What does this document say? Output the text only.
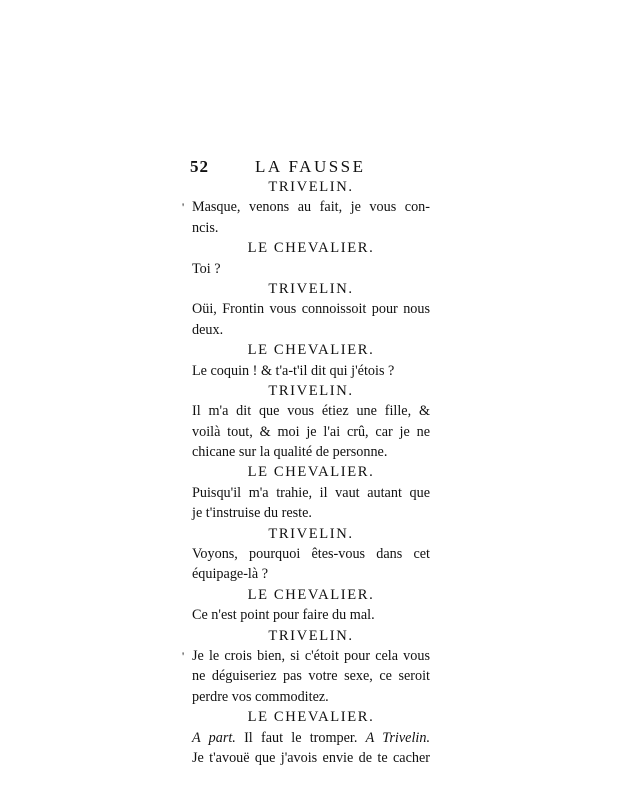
52	LA FAUSSE
TRIVELIN.
' Masque, venons au fait, je vous con-
ncis.
LE CHEVALIER.
Toi ?
TRIVELIN.
Oüi, Frontin vous connoissoit pour nous
deux.
LE CHEVALIER.
Le coquin ! & t'a-t'il dit qui j'étois ?
TRIVELIN.
Il m'a dit que vous étiez une fille, &
voilà tout, & moi je l'ai crû, car je ne
chicane sur la qualité de personne.
LE CHEVALIER.
Puisqu'il m'a trahie, il vaut autant que
je t'instruise du reste.
TRIVELIN.
Voyons, pourquoi êtes-vous dans cet
équipage-là ?
LE CHEVALIER.
Ce n'est point pour faire du mal.
TRIVELIN.
' Je le crois bien, si c'étoit pour cela vous
ne déguiseriez pas votre sexe, ce seroit
perdre vos commoditez.
LE CHEVALIER.
A part. Il faut le tromper. A Trivelin.
Je t'avouë que j'avois envie de te cacher
